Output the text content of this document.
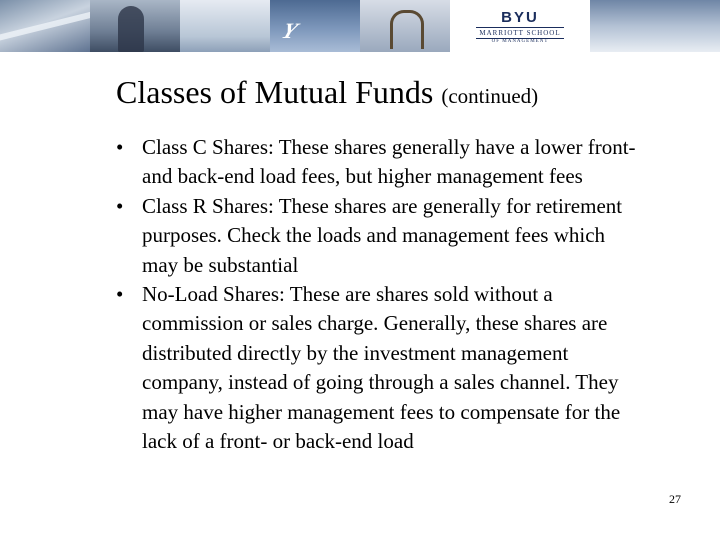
Y
BYU
MARRIOTT SCHOOL
OF MANAGEMENT
Classes of Mutual Funds (continued)
• Class C Shares: These shares generally have a lower front- and back-end load fees, but higher management fees
• Class R Shares: These shares are generally for retirement purposes. Check the loads and management fees which may be substantial
• No-Load Shares: These are shares sold without a commission or sales charge. Generally, these shares are distributed directly by the investment management company, instead of going through a sales channel. They may have higher management fees to compensate for the lack of a front- or back-end load
27
